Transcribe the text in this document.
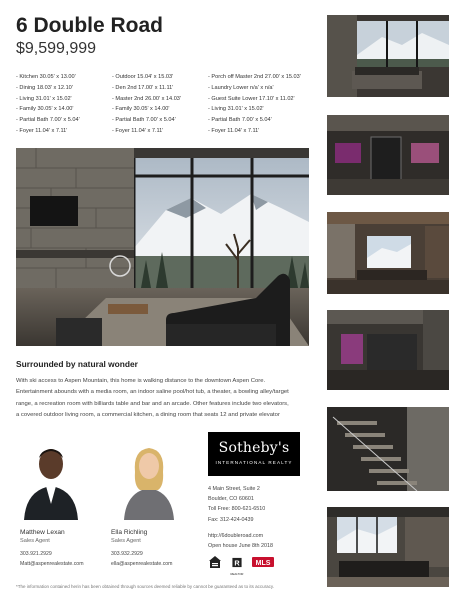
6 Double Road
$9,599,999
- Kitchen 30.05' x 13.00'
- Dining 18.03' x 12.10'
- Living 31.01' x 15.02'
- Family 30.05' x 14.00'
- Partial Bath 7.00' x 5.04'
- Foyer 11.04' x 7.11'
- Outdoor 15.04' x 15.03'
- Den 2nd 17.00' x 11.11'
- Master 2nd 26.00' x 14.03'
- Family 30.05' x 14.00'
- Partial Bath 7.00' x 5.04'
- Foyer 11.04' x 7.11'
- Porch off Master 2nd 27.00' x 15.03'
- Laundry Lower n/a' x n/a'
- Guest Suite Lower 17.10' x 11.02'
- Living 31.01' x 15.02'
- Partial Bath 7.00' x 5.04'
- Foyer 11.04' x 7.11'
Surrounded by natural wonder
With ski access to Aspen Mountain, this home is walking distance to the downtown Aspen Core.
Entertainment abounds with a media room, an indoor saline pool/hot tub, a theater, a bowling alley/target
range, a recreation room with billiards table and bar and an arcade. Other features include two elevators,
a covered outdoor living room, a commercial kitchen, a dining room that seats 12 and private elevator
Matthew Lexan
Sales Agent
303.921.2929
Matt@aspenrealestate.com
Ella Richling
Sales Agent
303.932.2929
ella@aspenrealestate.com
Sotheby's
INTERNATIONAL REALTY
4 Main Street, Suite 2
Boulder, CO 60601
Toll Free: 800-621-6510
Fax: 312-424-0439
http://6doubleroad.com
Open house June 8th 2018

R
REALTOR

MLS
*The information contained herin has been obtained through sources deemed reliable by cannot be guaranteed as to its accuracy.
